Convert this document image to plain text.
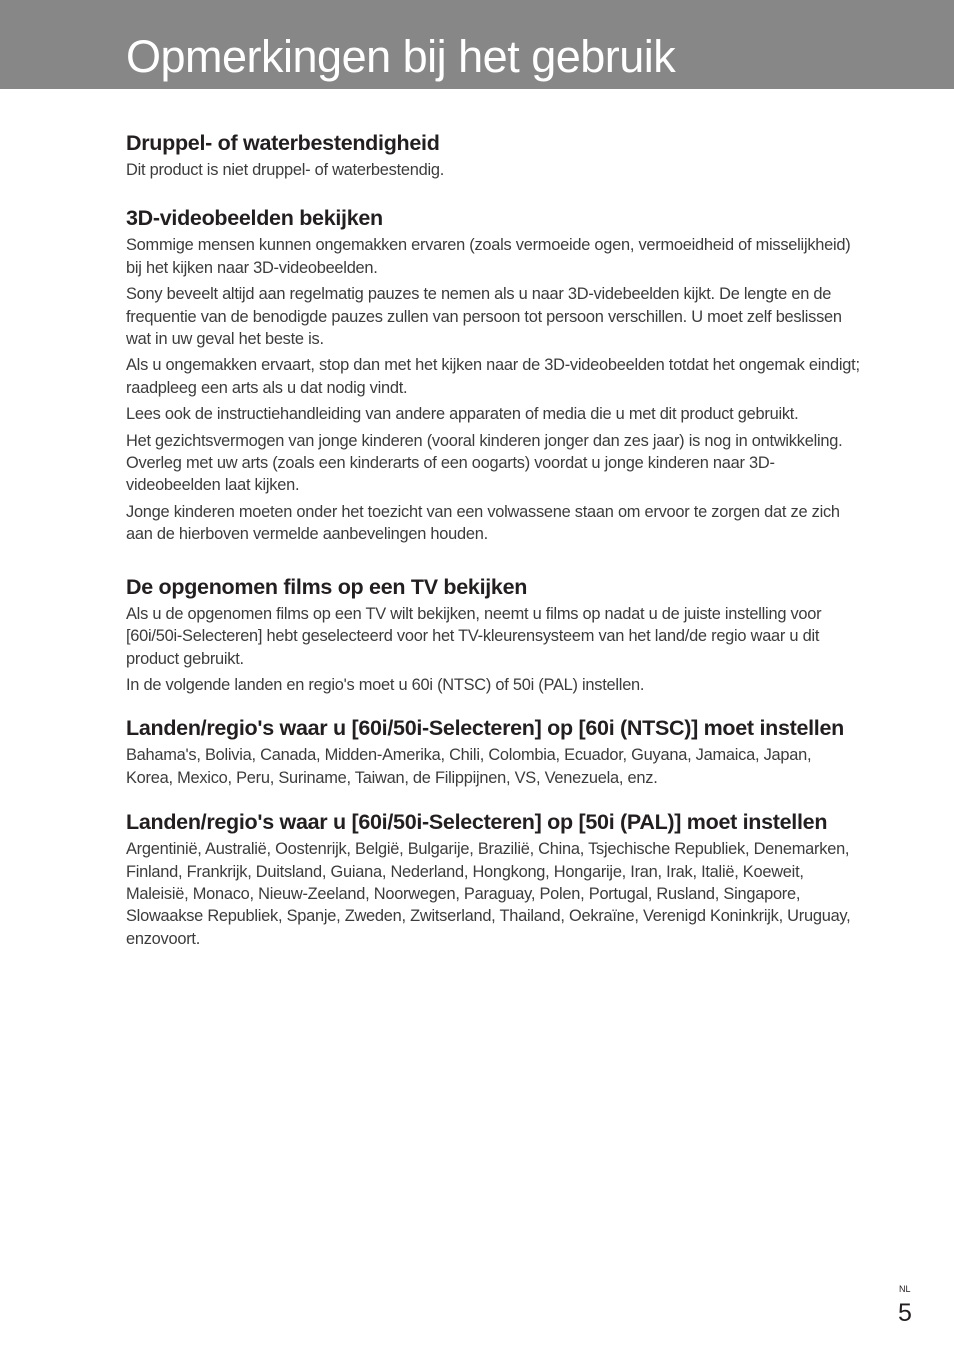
Opmerkingen bij het gebruik
Druppel- of waterbestendigheid

Dit product is niet druppel- of waterbestendig.

3D-videobeelden bekijken

Sommige mensen kunnen ongemakken ervaren (zoals vermoeide ogen, vermoeidheid of misselijkheid) bij het kijken naar 3D-videobeelden.

Sony beveelt altijd aan regelmatig pauzes te nemen als u naar 3D-videbeelden kijkt. De lengte en de frequentie van de benodigde pauzes zullen van persoon tot persoon verschillen. U moet zelf beslissen wat in uw geval het beste is.

Als u ongemakken ervaart, stop dan met het kijken naar de 3D-videobeelden totdat het ongemak eindigt; raadpleeg een arts als u dat nodig vindt.

Lees ook de instructiehandleiding van andere apparaten of media die u met dit product gebruikt.

Het gezichtsvermogen van jonge kinderen (vooral kinderen jonger dan zes jaar) is nog in ontwikkeling. Overleg met uw arts (zoals een kinderarts of een oogarts) voordat u jonge kinderen naar 3D-videobeelden laat kijken.

Jonge kinderen moeten onder het toezicht van een volwassene staan om ervoor te zorgen dat ze zich aan de hierboven vermelde aanbevelingen houden.

De opgenomen films op een TV bekijken

Als u de opgenomen films op een TV wilt bekijken, neemt u films op nadat u de juiste instelling voor [60i/50i-Selecteren] hebt geselecteerd voor het TV-kleurensysteem van het land/de regio waar u dit product gebruikt.

In de volgende landen en regio's moet u 60i (NTSC) of 50i (PAL) instellen.

Landen/regio's waar u [60i/50i-Selecteren] op [60i (NTSC)] moet instellen

Bahama's, Bolivia, Canada, Midden-Amerika, Chili, Colombia, Ecuador, Guyana, Jamaica, Japan, Korea, Mexico, Peru, Suriname, Taiwan, de Filippijnen, VS, Venezuela, enz.

Landen/regio's waar u [60i/50i-Selecteren] op [50i (PAL)] moet instellen

Argentinië, Australië, Oostenrijk, België, Bulgarije, Brazilië, China, Tsjechische Republiek, Denemarken, Finland, Frankrijk, Duitsland, Guiana, Nederland, Hongkong, Hongarije, Iran, Irak, Italië, Koeweit, Maleisië, Monaco, Nieuw-Zeeland, Noorwegen, Paraguay, Polen, Portugal, Rusland, Singapore, Slowaakse Republiek, Spanje, Zweden, Zwitserland, Thailand, Oekraïne, Verenigd Koninkrijk, Uruguay, enzovoort.

NL
5
